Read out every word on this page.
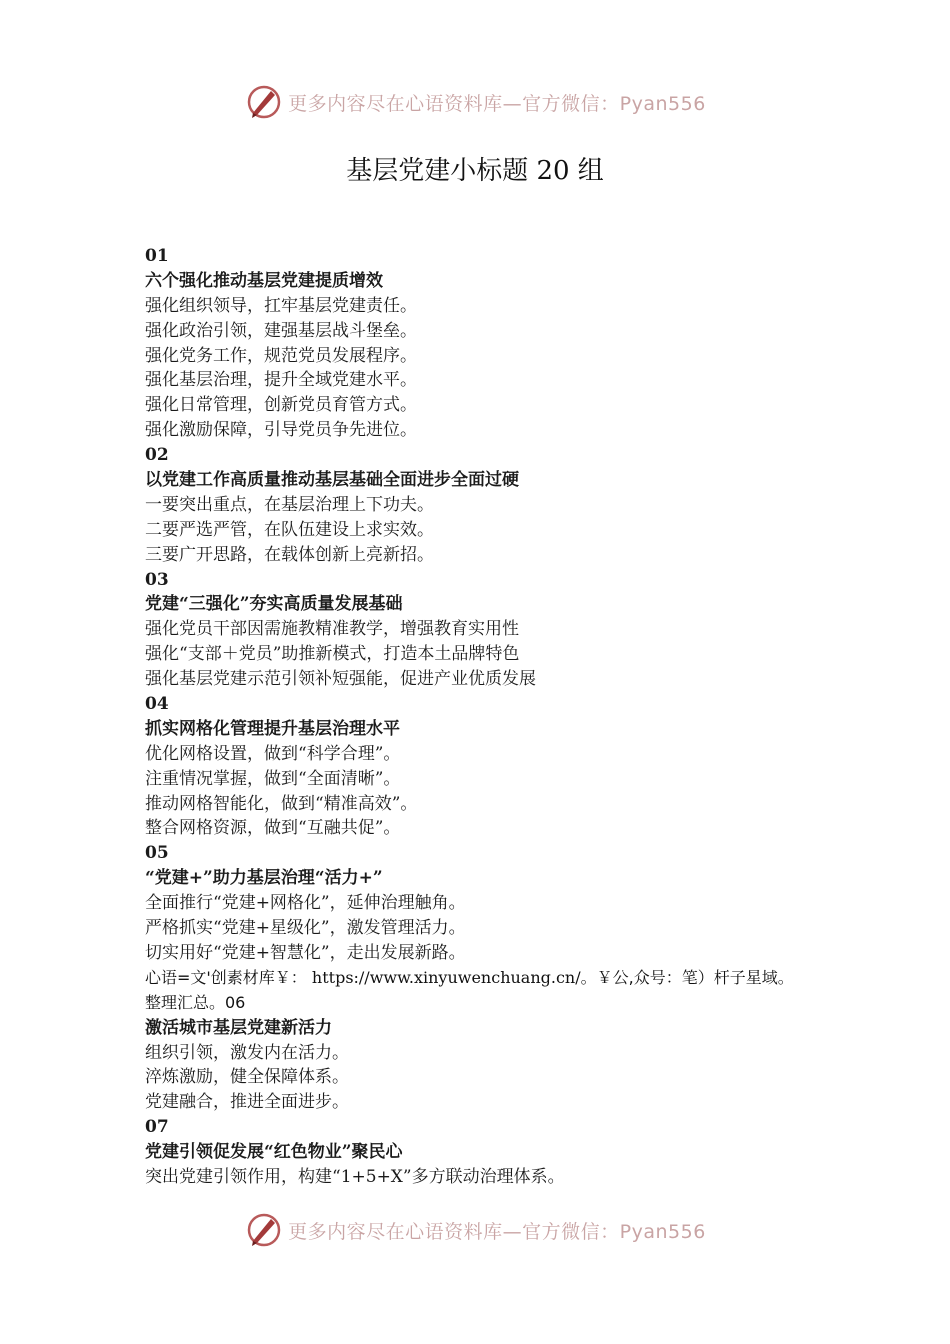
更多内容尽在心语资料库—官方微信：Pyan556
基层党建小标题 20 组
01
六个强化推动基层党建提质增效
强化组织领导，扛牢基层党建责任。
强化政治引领，建强基层战斗堡垒。
强化党务工作，规范党员发展程序。
强化基层治理，提升全域党建水平。
强化日常管理，创新党员育管方式。
强化激励保障，引导党员争先进位。
02
以党建工作高质量推动基层基础全面进步全面过硬
一要突出重点，在基层治理上下功夫。
二要严选严管，在队伍建设上求实效。
三要广开思路，在载体创新上亮新招。
03
党建“三强化”夯实高质量发展基础
强化党员干部因需施教精准教学，增强教育实用性
强化“支部＋党员”助推新模式，打造本土品牌特色
强化基层党建示范引领补短强能，促进产业优质发展
04
抓实网格化管理提升基层治理水平
优化网格设置，做到“科学合理”。
注重情况掌握，做到“全面清晰”。
推动网格智能化，做到“精准高效”。
整合网格资源，做到“互融共促”。
05
“党建+”助力基层治理“活力+”
全面推行“党建+网格化”，延伸治理触角。
严格抓实“党建+星级化”，激发管理活力。
切实用好“党建+智慧化”，走出发展新路。
心语=文'创素材库￥： https://www.xinyuwenchuang.cn/。￥公,众号：笔）杆子星域。
整理汇总。06
激活城市基层党建新活力
组织引领，激发内在活力。
淬炼激励，健全保障体系。
党建融合，推进全面进步。
07
党建引领促发展“红色物业”聚民心
突出党建引领作用，构建“1+5+X”多方联动治理体系。
更多内容尽在心语资料库—官方微信：Pyan556
